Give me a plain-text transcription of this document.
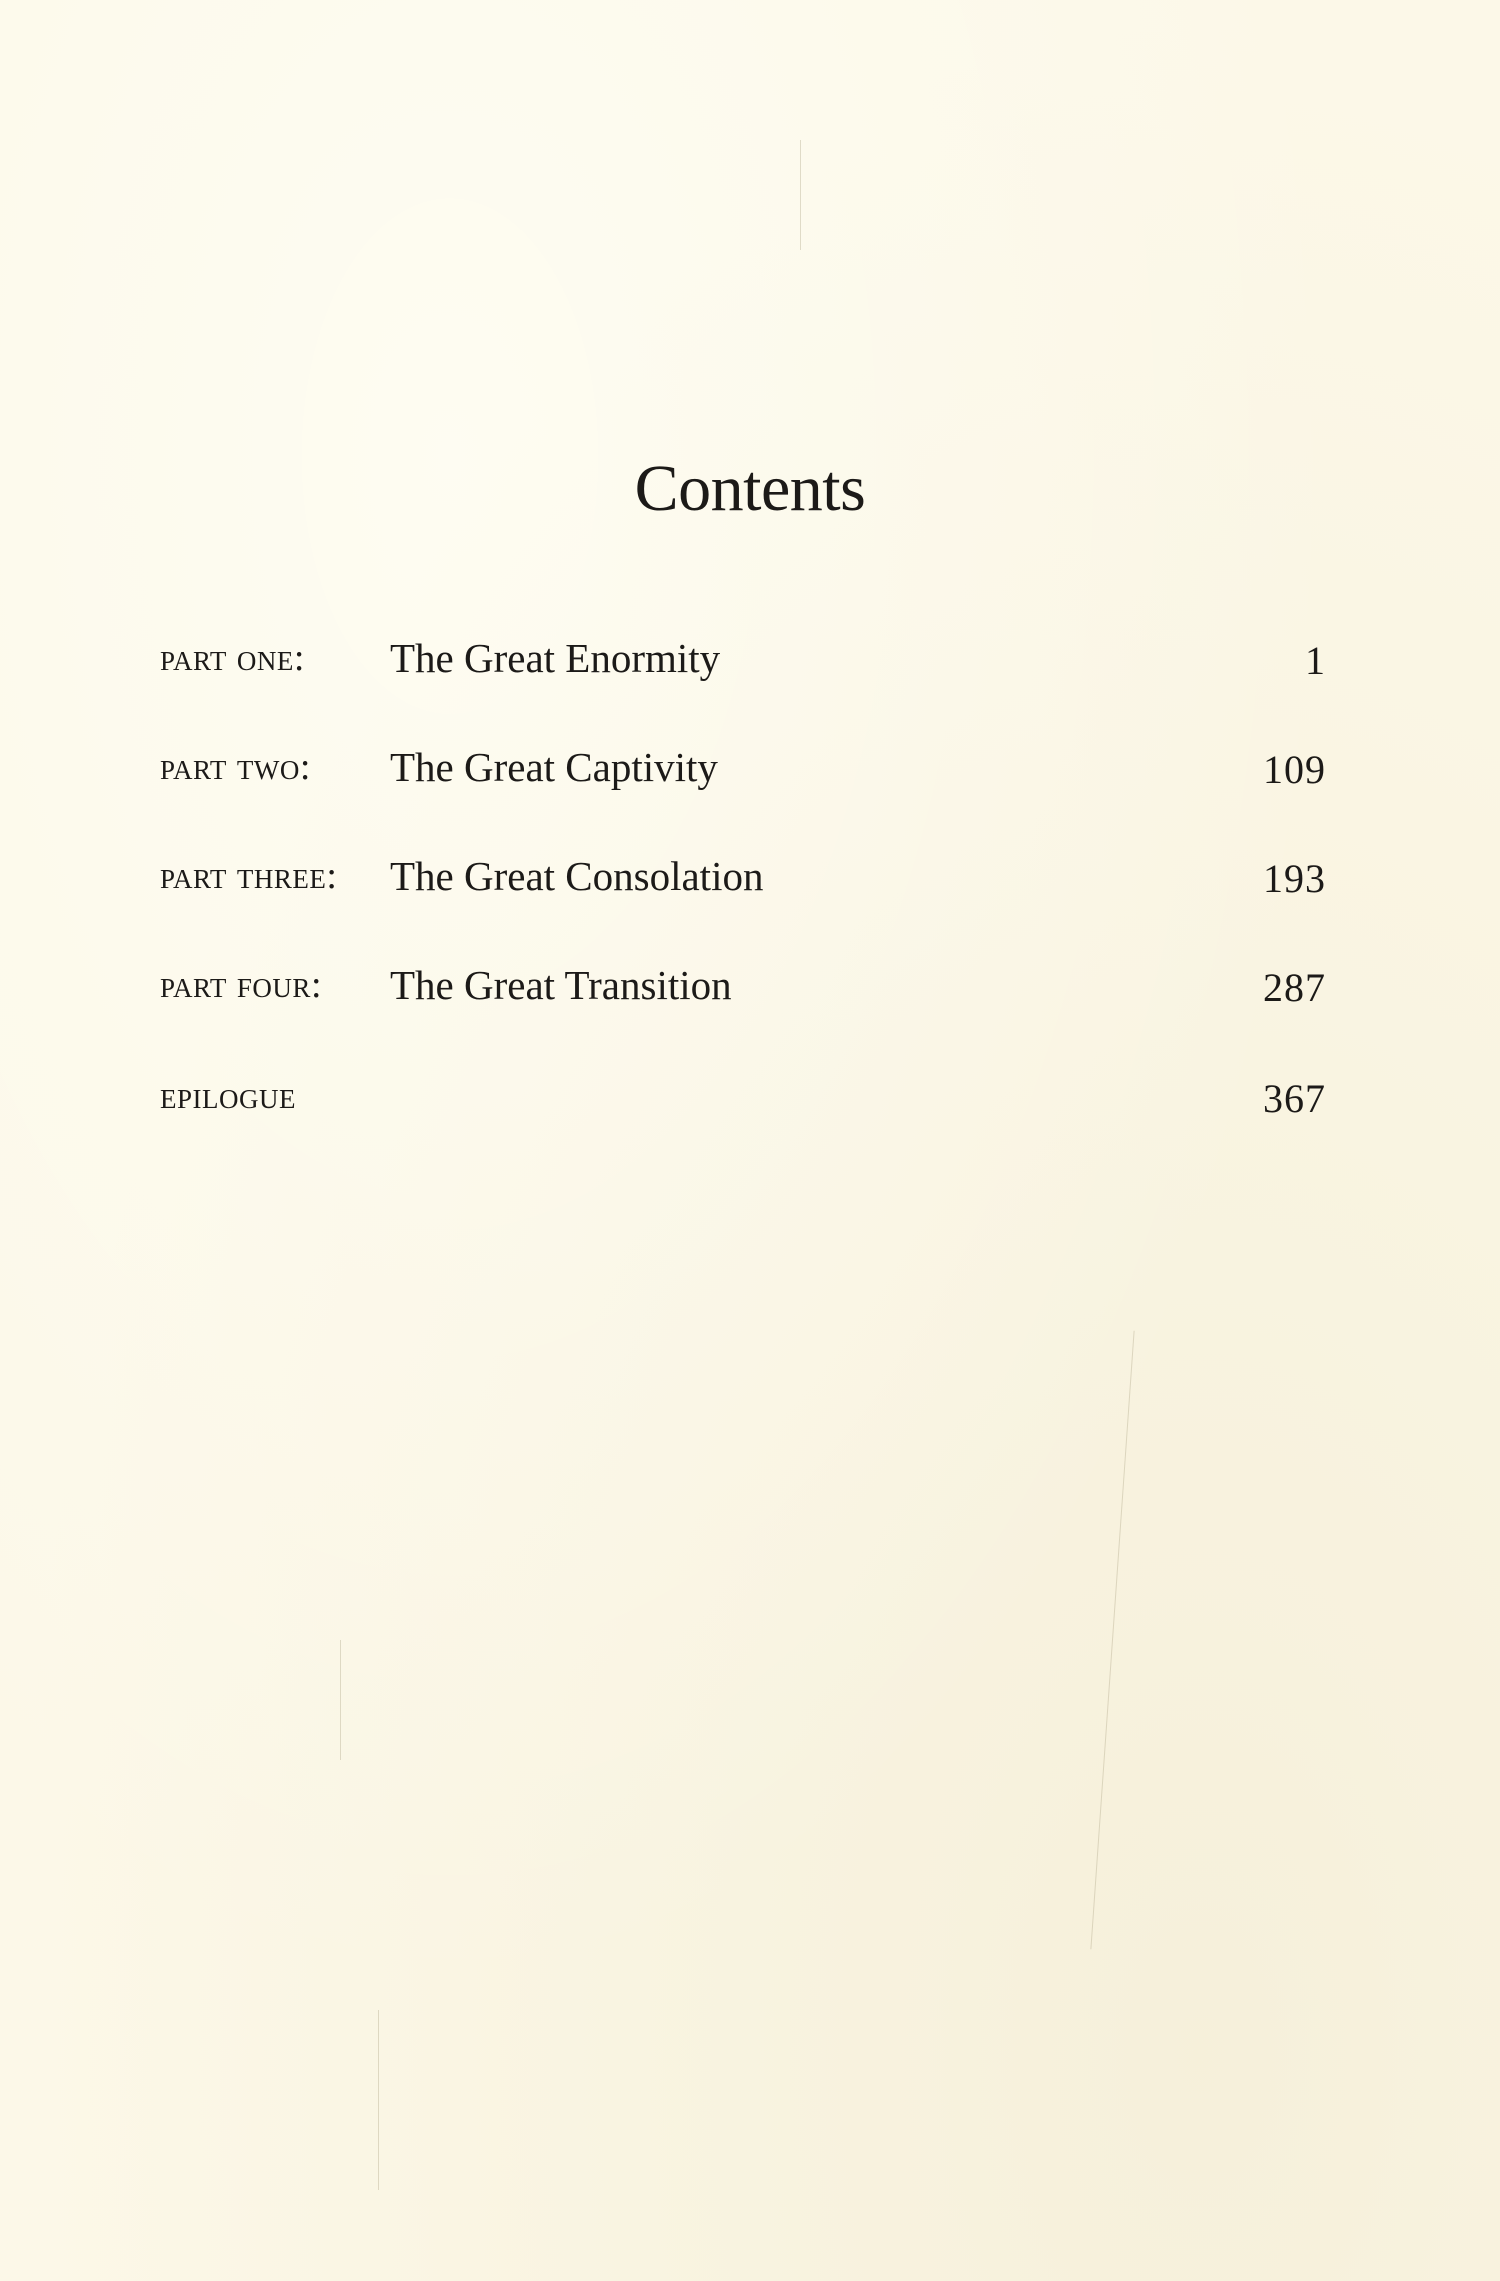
Contents
part one: The Great Enormity	1
part two: The Great Captivity	109
part three: The Great Consolation	193
part four: The Great Transition	287
epilogue	367
